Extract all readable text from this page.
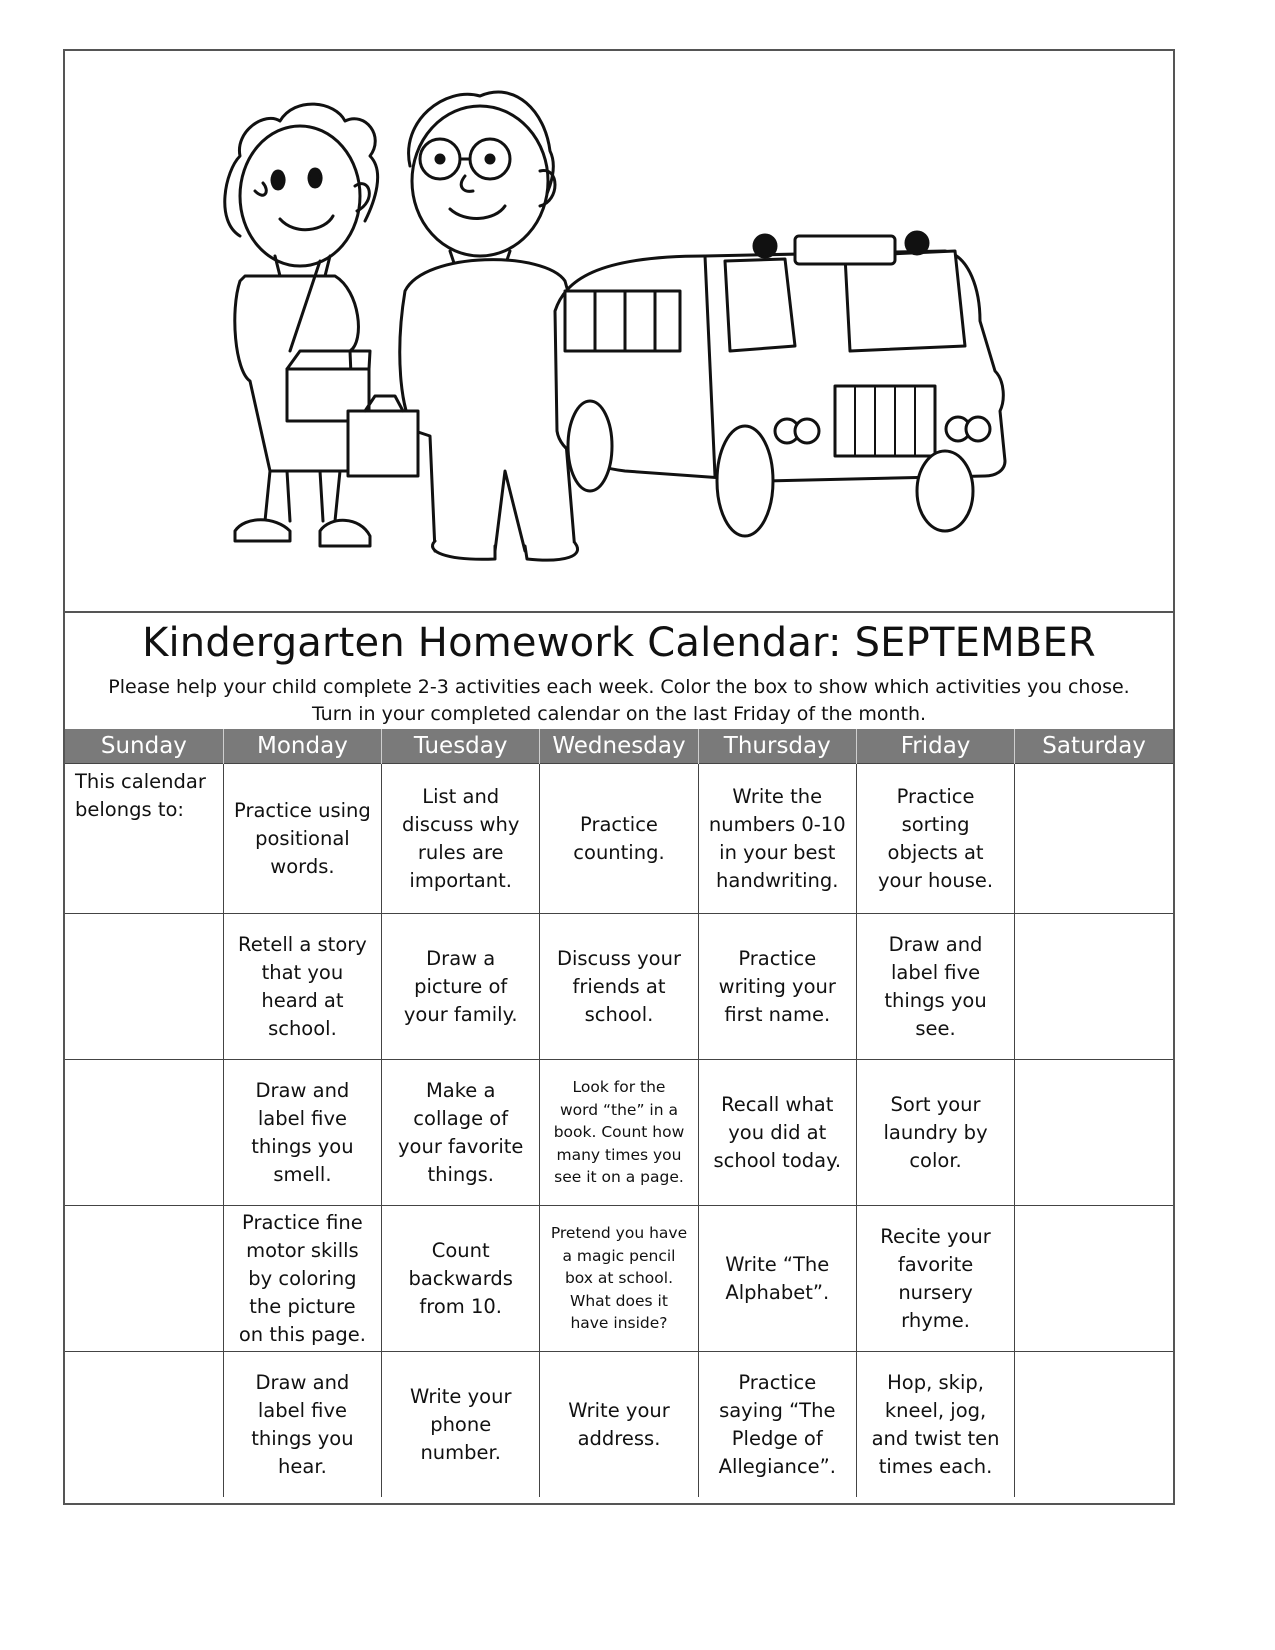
Kindergarten Homework Calendar: SEPTEMBER
Please help your child complete 2-3 activities each week. Color the box to show which activities you chose.
Turn in your completed calendar on the last Friday of the month.
Sunday	Monday	Tuesday	Wednesday	Thursday	Friday	Saturday
This calendar
belongs to:	Practice using
positional
words.	List and
discuss why
rules are
important.	Practice
counting.	Write the
numbers 0-10
in your best
handwriting.	Practice
sorting
objects at
your house.	
	Retell a story
that you
heard at
school.	Draw a
picture of
your family.	Discuss your
friends at
school.	Practice
writing your
first name.	Draw and
label five
things you
see.	
	Draw and
label five
things you
smell.	Make a
collage of
your favorite
things.	Look for the
word “the” in a
book. Count how
many times you
see it on a page.	Recall what
you did at
school today.	Sort your
laundry by
color.	
	Practice fine
motor skills
by coloring
the picture
on this page.	Count
backwards
from 10.	Pretend you have
a magic pencil
box at school.
What does it
have inside?	Write “The
Alphabet”.	Recite your
favorite
nursery
rhyme.	
	Draw and
label five
things you
hear.	Write your
phone
number.	Write your
address.	Practice
saying “The
Pledge of
Allegiance”.	Hop, skip,
kneel, jog,
and twist ten
times each.	
